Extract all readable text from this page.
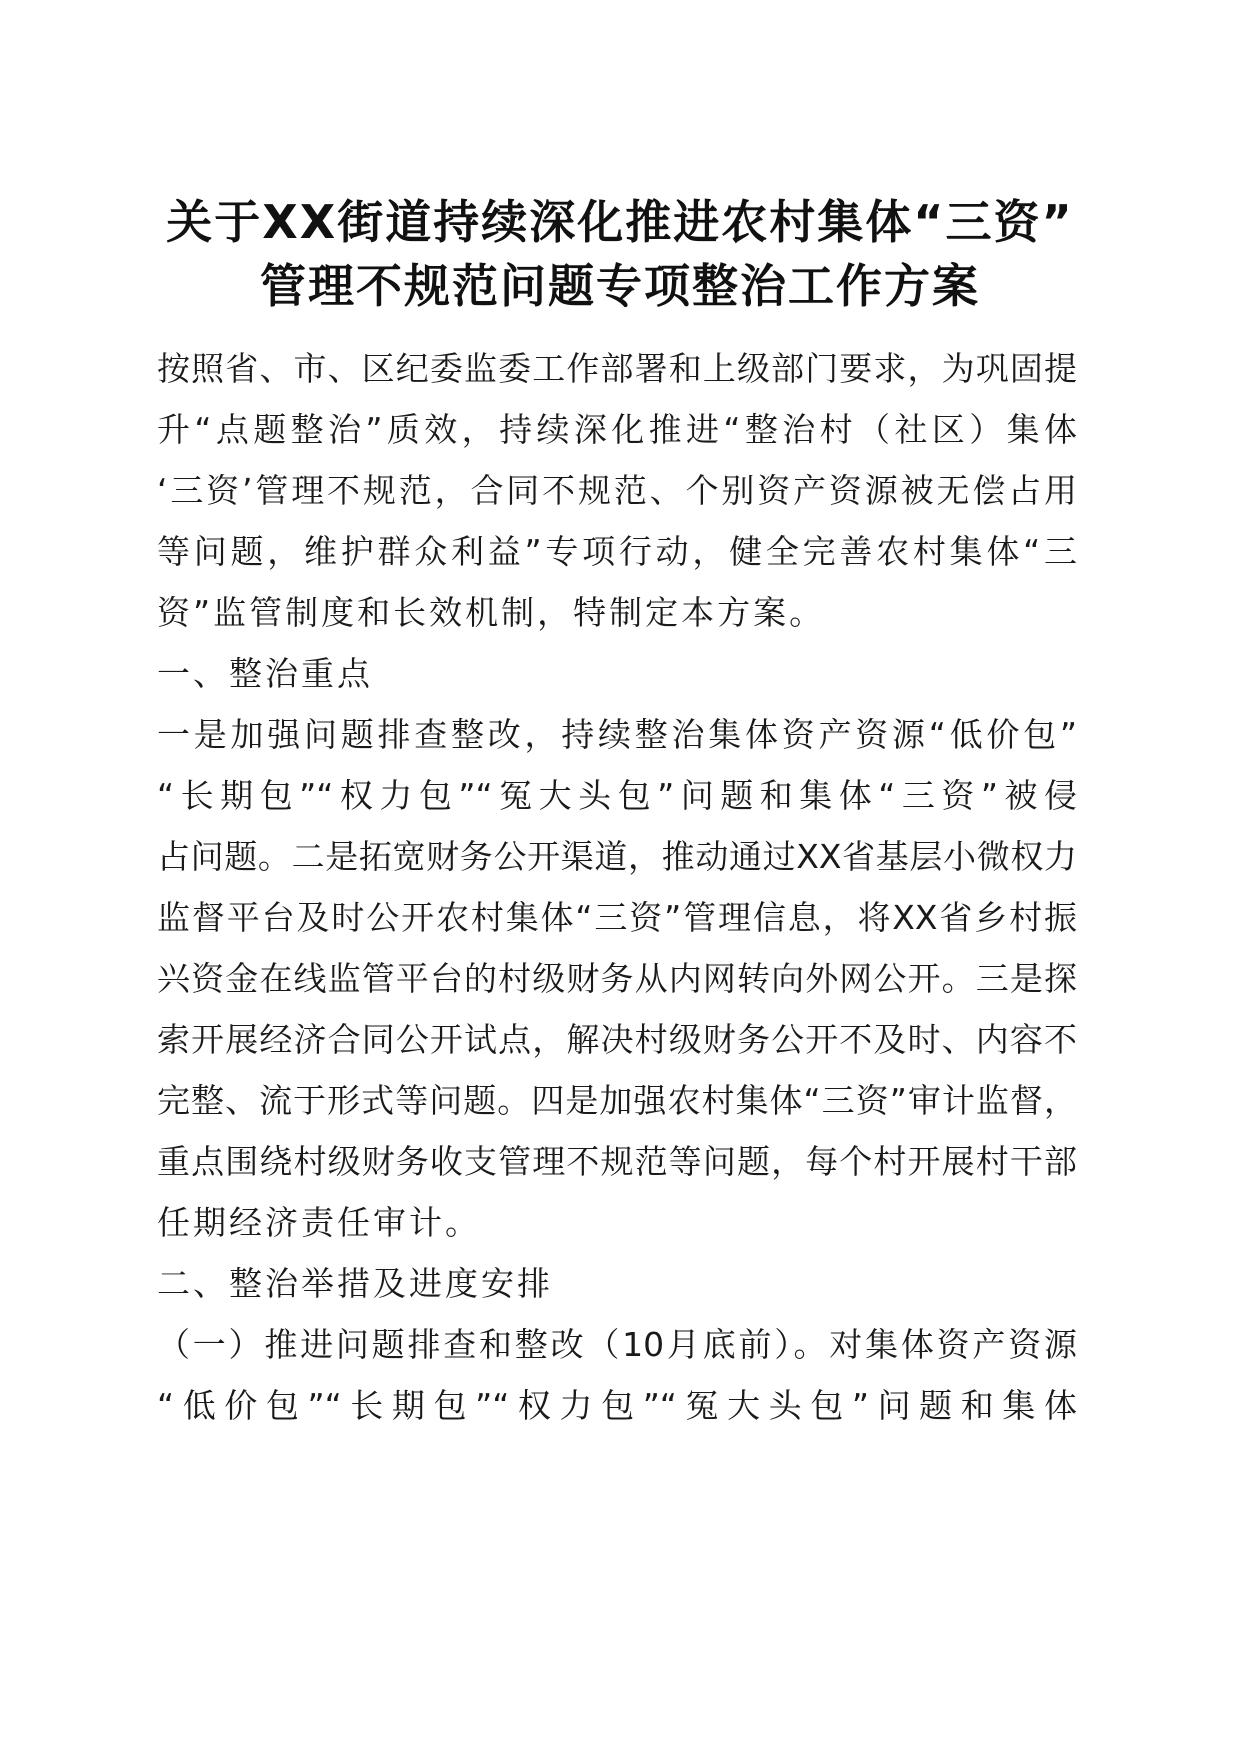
关于XX街道持续深化推进农村集体“三资”
管理不规范问题专项整治工作方案

按照省、市、区纪委监委工作部署和上级部门要求，为巩固提

升“点题整治”质效，持续深化推进“整治村（社区）集体

‘三资’管理不规范，合同不规范、个别资产资源被无偿占用

等问题，维护群众利益”专项行动，健全完善农村集体“三

资”监管制度和长效机制，特制定本方案。

一、整治重点

一是加强问题排查整改，持续整治集体资产资源“低价包”

“长期包”“权力包”“冤大头包”问题和集体“三资”被侵

占问题。二是拓宽财务公开渠道，推动通过XX省基层小微权力

监督平台及时公开农村集体“三资”管理信息，将XX省乡村振

兴资金在线监管平台的村级财务从内网转向外网公开。三是探

索开展经济合同公开试点，解决村级财务公开不及时、内容不

完整、流于形式等问题。四是加强农村集体“三资”审计监督，

重点围绕村级财务收支管理不规范等问题，每个村开展村干部

任期经济责任审计。

二、整治举措及进度安排

（一）推进问题排查和整改（10月底前）。对集体资产资源

“低价包”“长期包”“权力包”“冤大头包”问题和集体
